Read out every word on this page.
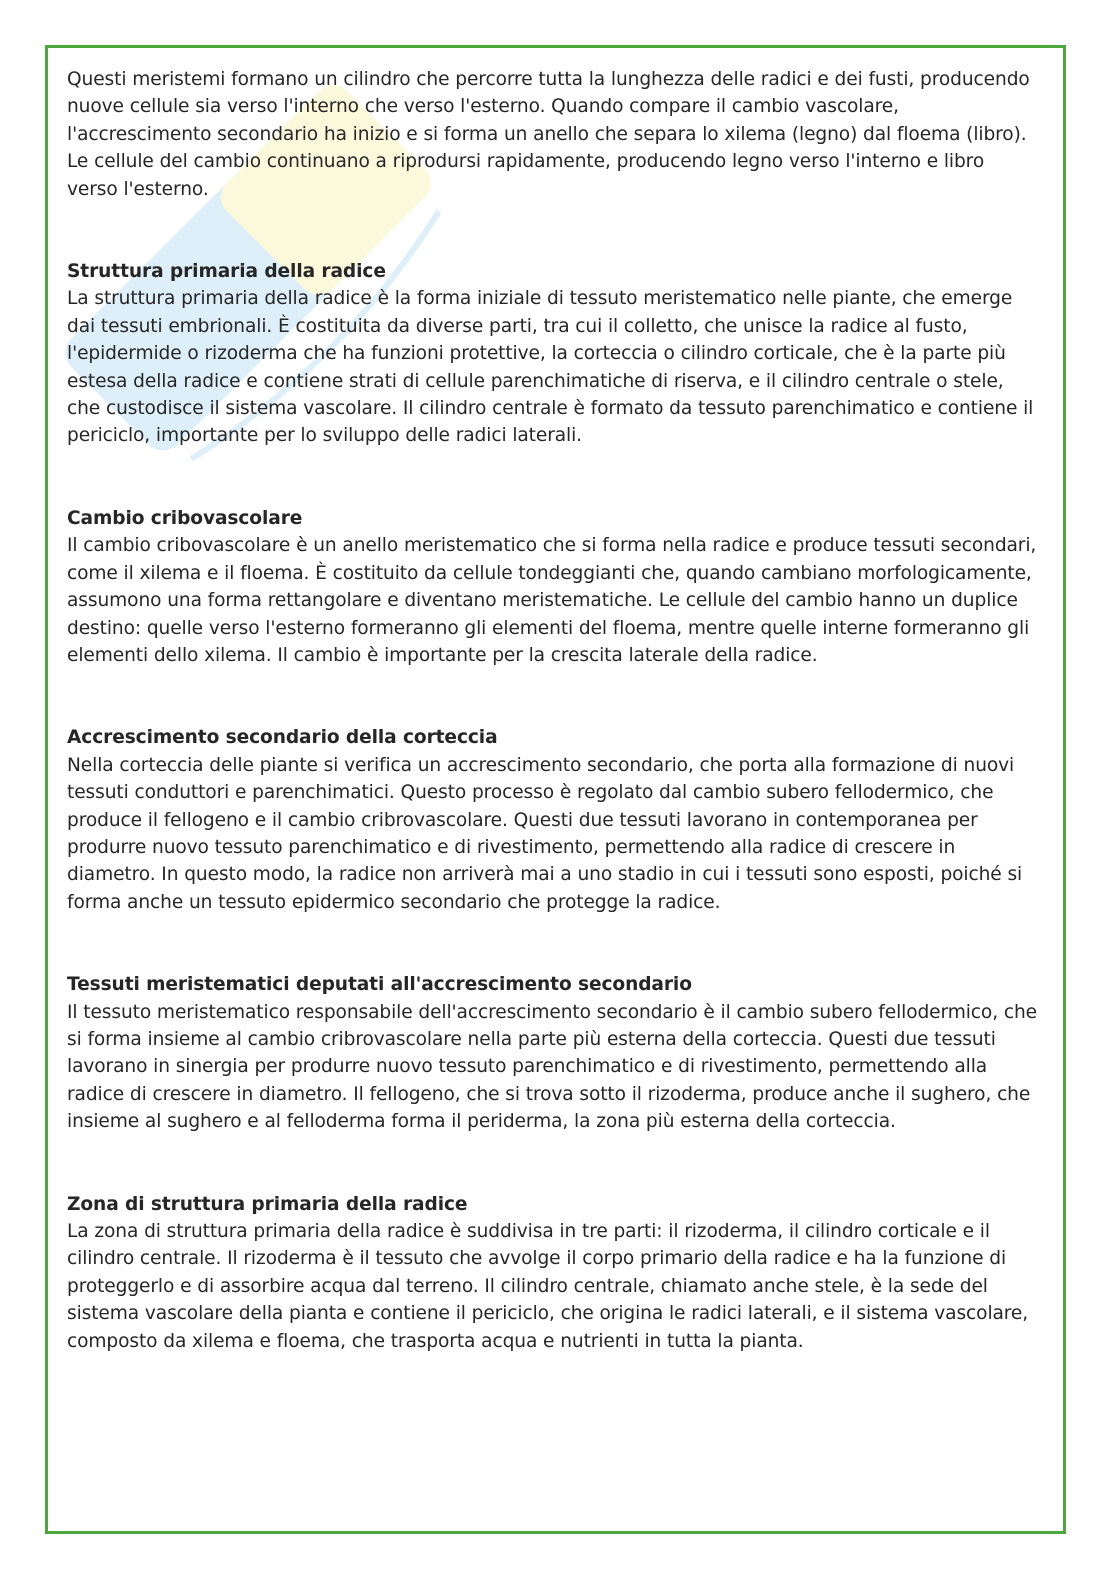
Questi meristemi formano un cilindro che percorre tutta la lunghezza delle radici e dei fusti, producendo nuove cellule sia verso l'interno che verso l'esterno. Quando compare il cambio vascolare, l'accrescimento secondario ha inizio e si forma un anello che separa lo xilema (legno) dal floema (libro). Le cellule del cambio continuano a riprodursi rapidamente, producendo legno verso l'interno e libro verso l'esterno.

Struttura primaria della radice

La struttura primaria della radice è la forma iniziale di tessuto meristematico nelle piante, che emerge dai tessuti embrionali. È costituita da diverse parti, tra cui il colletto, che unisce la radice al fusto, l'epidermide o rizoderma che ha funzioni protettive, la corteccia o cilindro corticale, che è la parte più estesa della radice e contiene strati di cellule parenchimatiche di riserva, e il cilindro centrale o stele, che custodisce il sistema vascolare. Il cilindro centrale è formato da tessuto parenchimatico e contiene il periciclo, importante per lo sviluppo delle radici laterali.

Cambio cribovascolare

Il cambio cribovascolare è un anello meristematico che si forma nella radice e produce tessuti secondari, come il xilema e il floema. È costituito da cellule tondeggianti che, quando cambiano morfologicamente, assumono una forma rettangolare e diventano meristematiche. Le cellule del cambio hanno un duplice destino: quelle verso l'esterno formeranno gli elementi del floema, mentre quelle interne formeranno gli elementi dello xilema. Il cambio è importante per la crescita laterale della radice.

Accrescimento secondario della corteccia

Nella corteccia delle piante si verifica un accrescimento secondario, che porta alla formazione di nuovi tessuti conduttori e parenchimatici. Questo processo è regolato dal cambio subero fellodermico, che produce il fellogeno e il cambio cribrovascolare. Questi due tessuti lavorano in contemporanea per produrre nuovo tessuto parenchimatico e di rivestimento, permettendo alla radice di crescere in diametro. In questo modo, la radice non arriverà mai a uno stadio in cui i tessuti sono esposti, poiché si forma anche un tessuto epidermico secondario che protegge la radice.

Tessuti meristematici deputati all'accrescimento secondario

Il tessuto meristematico responsabile dell'accrescimento secondario è il cambio subero fellodermico, che si forma insieme al cambio cribrovascolare nella parte più esterna della corteccia. Questi due tessuti lavorano in sinergia per produrre nuovo tessuto parenchimatico e di rivestimento, permettendo alla radice di crescere in diametro. Il fellogeno, che si trova sotto il rizoderma, produce anche il sughero, che insieme al sughero e al felloderma forma il periderma, la zona più esterna della corteccia.

Zona di struttura primaria della radice

La zona di struttura primaria della radice è suddivisa in tre parti: il rizoderma, il cilindro corticale e il cilindro centrale. Il rizoderma è il tessuto che avvolge il corpo primario della radice e ha la funzione di proteggerlo e di assorbire acqua dal terreno. Il cilindro centrale, chiamato anche stele, è la sede del sistema vascolare della pianta e contiene il periciclo, che origina le radici laterali, e il sistema vascolare, composto da xilema e floema, che trasporta acqua e nutrienti in tutta la pianta.
